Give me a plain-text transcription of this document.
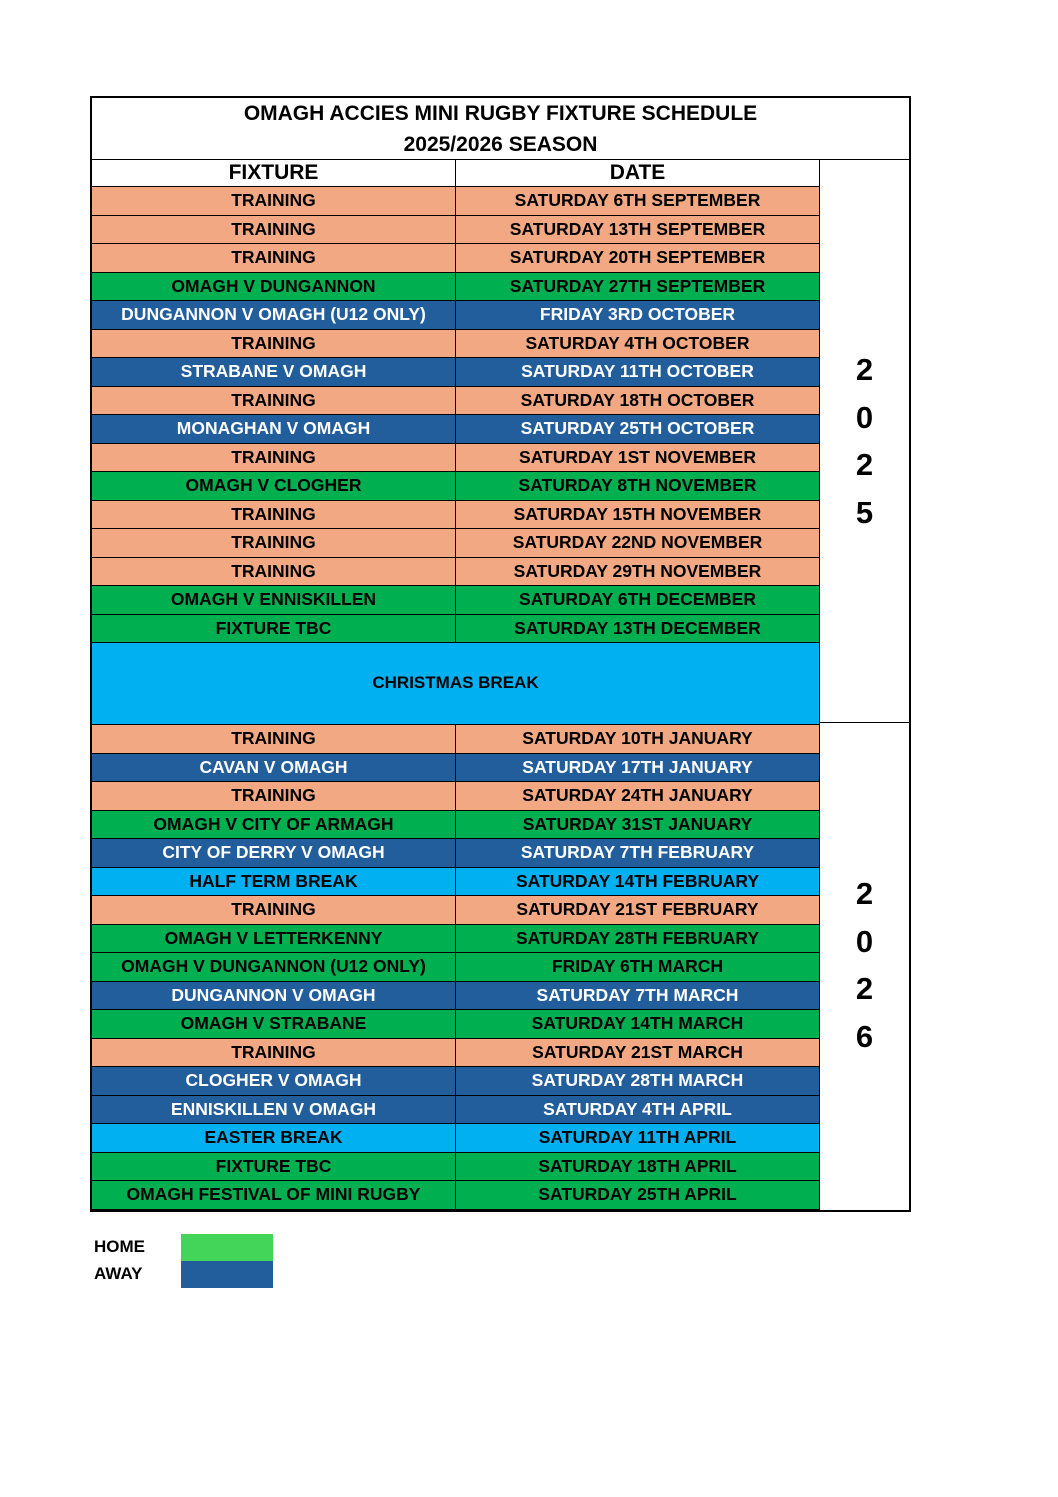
OMAGH ACCIES MINI RUGBY FIXTURE SCHEDULE
2025/2026 SEASON
FIXTURE	DATE
TRAINING	SATURDAY 6TH SEPTEMBER
TRAINING	SATURDAY 13TH SEPTEMBER
TRAINING	SATURDAY 20TH SEPTEMBER
OMAGH V DUNGANNON	SATURDAY 27TH SEPTEMBER
DUNGANNON V OMAGH (U12 ONLY)	FRIDAY 3RD OCTOBER
TRAINING	SATURDAY 4TH OCTOBER
STRABANE V OMAGH	SATURDAY 11TH OCTOBER
TRAINING	SATURDAY 18TH OCTOBER
MONAGHAN V OMAGH	SATURDAY 25TH OCTOBER
TRAINING	SATURDAY 1ST NOVEMBER
OMAGH V CLOGHER	SATURDAY 8TH NOVEMBER
TRAINING	SATURDAY 15TH NOVEMBER
TRAINING	SATURDAY 22ND NOVEMBER
TRAINING	SATURDAY 29TH NOVEMBER
OMAGH V ENNISKILLEN	SATURDAY 6TH DECEMBER
FIXTURE TBC	SATURDAY 13TH DECEMBER
CHRISTMAS BREAK
TRAINING	SATURDAY 10TH JANUARY
CAVAN V OMAGH	SATURDAY 17TH JANUARY
TRAINING	SATURDAY 24TH JANUARY
OMAGH V CITY OF ARMAGH	SATURDAY 31ST JANUARY
CITY OF DERRY V OMAGH	SATURDAY 7TH FEBRUARY
HALF TERM BREAK	SATURDAY 14TH FEBRUARY
TRAINING	SATURDAY 21ST FEBRUARY
OMAGH V LETTERKENNY	SATURDAY 28TH FEBRUARY
OMAGH V DUNGANNON (U12 ONLY)	FRIDAY 6TH MARCH
DUNGANNON V OMAGH	SATURDAY 7TH MARCH
OMAGH V STRABANE	SATURDAY 14TH MARCH
TRAINING	SATURDAY 21ST MARCH
CLOGHER V OMAGH	SATURDAY 28TH MARCH
ENNISKILLEN V OMAGH	SATURDAY 4TH APRIL
EASTER BREAK	SATURDAY 11TH APRIL
FIXTURE TBC	SATURDAY 18TH APRIL
OMAGH FESTIVAL OF MINI RUGBY	SATURDAY 25TH APRIL
2
0
2
5
2
0
2
6
HOME
AWAY
